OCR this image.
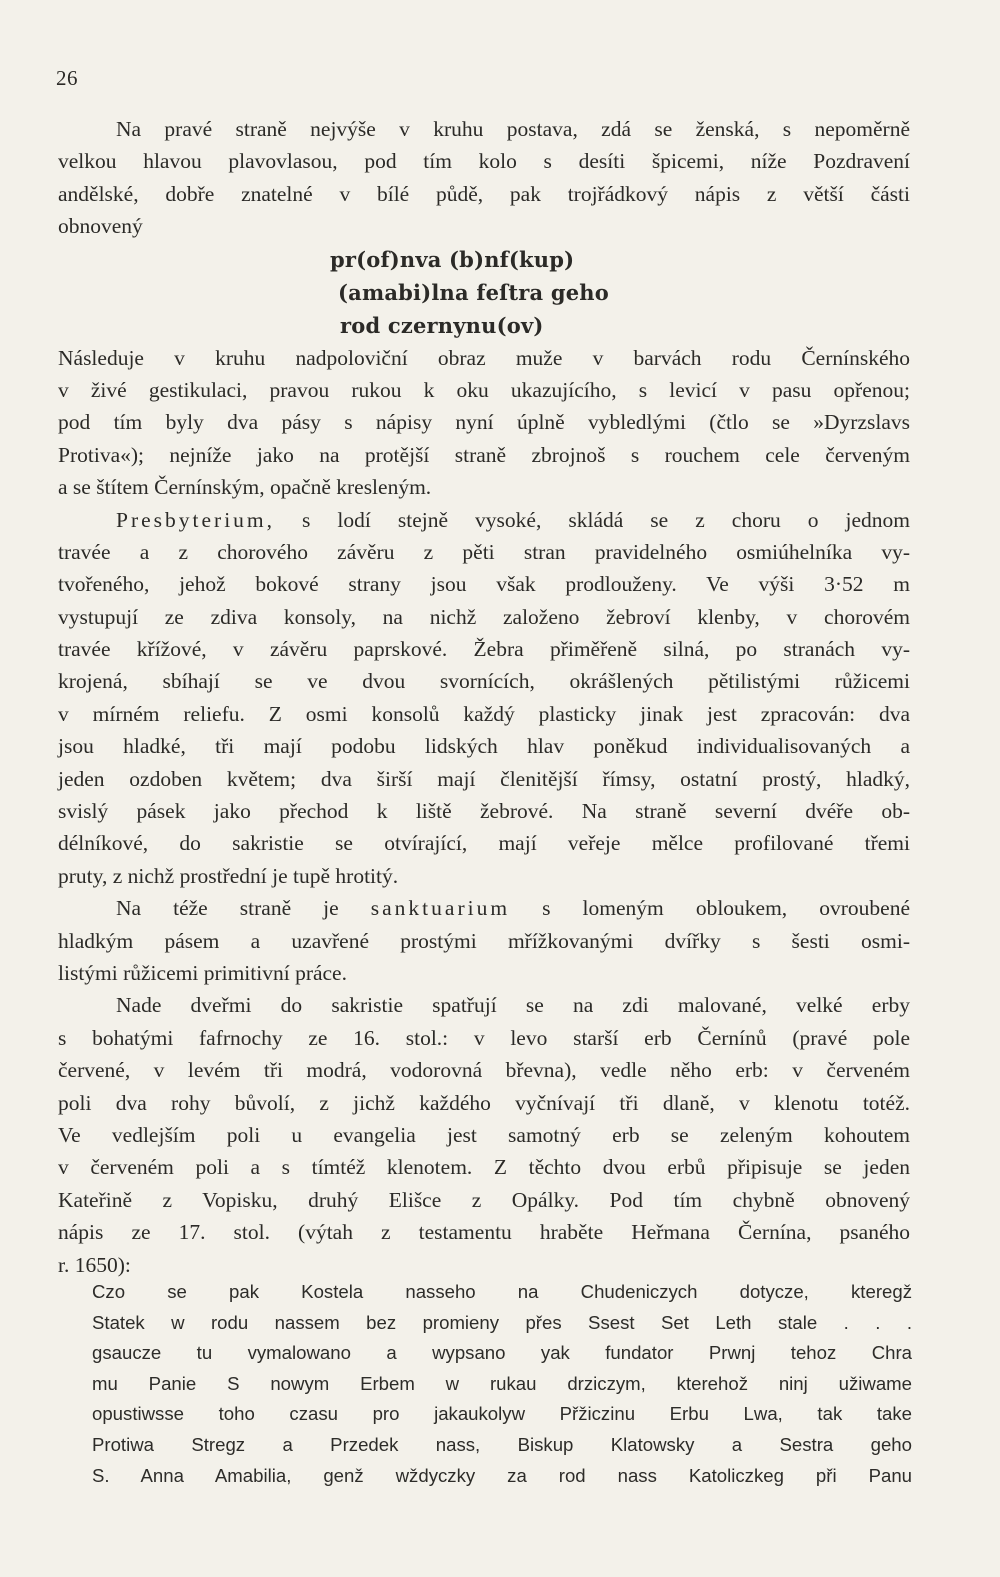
26
Na pravé straně nejvýše v kruhu postava, zdá se ženská, s nepoměrně
velkou hlavou plavovlasou, pod tím kolo s desíti špicemi, níže Pozdravení
andělské, dobře znatelné v bílé půdě, pak trojřádkový nápis z větší části
obnovený
pr(of)nva (b)nf(kup)
(amabi)lna feſtra geho
rod czernynu(ov)
Následuje v kruhu nadpoloviční obraz muže v barvách rodu Černínského
v živé gestikulaci, pravou rukou k oku ukazujícího, s levicí v pasu opřenou;
pod tím byly dva pásy s nápisy nyní úplně vybledlými (čtlo se »Dyrzslavs
Protiva«); nejníže jako na protější straně zbrojnoš s rouchem cele červeným
a se štítem Černínským, opačně kresleným.
Presbyterium, s lodí stejně vysoké, skládá se z choru o jednom
travée a z chorového závěru z pěti stran pravidelného osmiúhelníka vy-
tvořeného, jehož bokové strany jsou však prodlouženy. Ve výši 3·52 m
vystupují ze zdiva konsoly, na nichž založeno žebroví klenby, v chorovém
travée křížové, v závěru paprskové. Žebra přiměřeně silná, po stranách vy-
krojená, sbíhají se ve dvou svornících, okrášlených pětilistými růžicemi
v mírném reliefu. Z osmi konsolů každý plasticky jinak jest zpracován: dva
jsou hladké, tři mají podobu lidských hlav poněkud individualisovaných a
jeden ozdoben květem; dva širší mají členitější římsy, ostatní prostý, hladký,
svislý pásek jako přechod k liště žebrové. Na straně severní dvéře ob-
délníkové, do sakristie se otvírající, mají veřeje mělce profilované třemi
pruty, z nichž prostřední je tupě hrotitý.
Na téže straně je sanktuarium s lomeným obloukem, ovroubené
hladkým pásem a uzavřené prostými mřížkovanými dvířky s šesti osmi-
listými růžicemi primitivní práce.
Nade dveřmi do sakristie spatřují se na zdi malované, velké erby
s bohatými fafrnochy ze 16. stol.: v levo starší erb Černínů (pravé pole
červené, v levém tři modrá, vodorovná břevna), vedle něho erb: v červeném
poli dva rohy bůvolí, z jichž každého vyčnívají tři dlaně, v klenotu totéž.
Ve vedlejším poli u evangelia jest samotný erb se zeleným kohoutem
v červeném poli a s tímtéž klenotem. Z těchto dvou erbů připisuje se jeden
Kateřině z Vopisku, druhý Elišce z Opálky. Pod tím chybně obnovený
nápis ze 17. stol. (výtah z testamentu hraběte Heřmana Černína, psaného
r. 1650):
Czo se pak Kostela nasseho na Chudeniczych dotycze, kteregž
Statek w rodu nassem bez promieny přes Ssest Set Leth stale . . .
gsaucze tu vymalowano a wypsano yak fundator Prwnj tehoz Chra
mu Panie S nowym Erbem w rukau drziczym, kterehož ninj užiwame
opustiwsse toho czasu pro jakaukolyw Přžiczinu Erbu Lwa, tak take
Protiwa Stregz a Przedek nass, Biskup Klatowsky a Sestra geho
S. Anna Amabilia, genž wždyczky za rod nass Katoliczkeg při Panu
